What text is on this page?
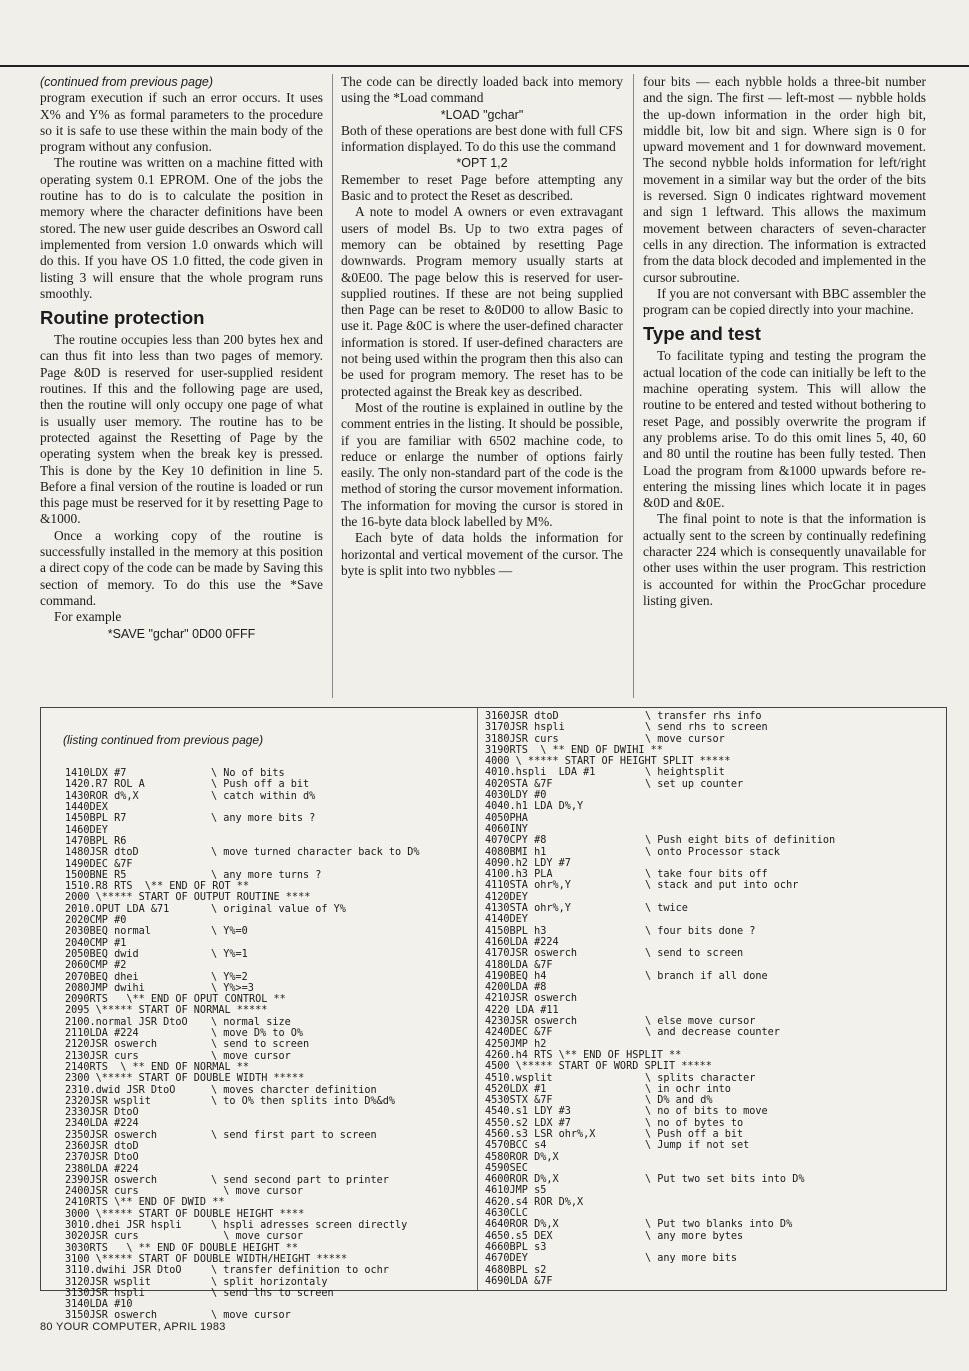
(continued from previous page)

program execution if such an error occurs. It uses X% and Y% as formal parameters to the procedure so it is safe to use these within the main body of the program without any confusion.

The routine was written on a machine fitted with operating system 0.1 EPROM. One of the jobs the routine has to do is to calculate the position in memory where the character definitions have been stored. The new user guide describes an Osword call implemented from version 1.0 onwards which will do this. If you have OS 1.0 fitted, the code given in listing 3 will ensure that the whole program runs smoothly.

Routine protection

The routine occupies less than 200 bytes hex and can thus fit into less than two pages of memory. Page &0D is reserved for user-supplied resident routines. If this and the following page are used, then the routine will only occupy one page of what is usually user memory. The routine has to be protected against the Resetting of Page by the operating system when the break key is pressed. This is done by the Key 10 definition in line 5. Before a final version of the routine is loaded or run this page must be reserved for it by resetting Page to &1000.

Once a working copy of the routine is successfully installed in the memory at this position a direct copy of the code can be made by Saving this section of memory. To do this use the *Save command.

For example

*SAVE "gchar" 0D00 0FFF

The code can be directly loaded back into memory using the *Load command

*LOAD "gchar"

Both of these operations are best done with full CFS information displayed. To do this use the command

*OPT 1,2

Remember to reset Page before attempting any Basic and to protect the Reset as described.

A note to model A owners or even extravagant users of model Bs. Up to two extra pages of memory can be obtained by resetting Page downwards. Program memory usually starts at &0E00. The page below this is reserved for user-supplied routines. If these are not being supplied then Page can be reset to &0D00 to allow Basic to use it. Page &0C is where the user-defined character information is stored. If user-defined characters are not being used within the program then this also can be used for program memory. The reset has to be protected against the Break key as described.

Most of the routine is explained in outline by the comment entries in the listing. It should be possible, if you are familiar with 6502 machine code, to reduce or enlarge the number of options fairly easily. The only non-standard part of the code is the method of storing the cursor movement information. The information for moving the cursor is stored in the 16-byte data block labelled by M%.

Each byte of data holds the information for horizontal and vertical movement of the cursor. The byte is split into two nybbles —

four bits — each nybble holds a three-bit number and the sign. The first — left-most — nybble holds the up-down information in the order high bit, middle bit, low bit and sign. Where sign is 0 for upward movement and 1 for downward movement. The second nybble holds information for left/right movement in a similar way but the order of the bits is reversed. Sign 0 indicates rightward movement and sign 1 leftward. This allows the maximum movement between characters of seven-character cells in any direction. The information is extracted from the data block decoded and implemented in the cursor subroutine.

If you are not conversant with BBC assembler the program can be copied directly into your machine.

Type and test

To facilitate typing and testing the program the actual location of the code can initially be left to the machine operating system. This will allow the routine to be entered and tested without bothering to reset Page, and possibly overwrite the program if any problems arise. To do this omit lines 5, 40, 60 and 80 until the routine has been fully tested. Then Load the program from &1000 upwards before re-entering the missing lines which locate it in pages &0D and &0E.

The final point to note is that the information is actually sent to the screen by continually redefining character 224 which is consequently unavailable for other uses within the user program. This restriction is accounted for within the ProcGchar procedure listing given.

(listing continued from previous page)

1410LDX #7	\ No of bits
1420.R7 ROL A	\ Push off a bit
1430ROR d%,X	\ catch within d%
1440DEX
1450BPL R7	\ any more bits ?
1460DEY
1470BPL R6
1480JSR dtoD	\ move turned character back to D%
1490DEC &7F
1500BNE R5	\ any more turns ?
1510.R8 RTS  \** END OF ROT **
2000 \***** START OF OUTPUT ROUTINE ****
2010.OPUT LDA &71	\ original value of Y%
2020CMP #0
2030BEQ normal	\ Y%=0
2040CMP #1
2050BEQ dwid	\ Y%=1
2060CMP #2
2070BEQ dhei	\ Y%=2
2080JMP dwihi	\ Y%>=3
2090RTS   \** END OF OPUT CONTROL **
2095 \***** START OF NORMAL *****
2100.normal JSR DtoO \ normal size
2110LDA #224	\ move D% to O%
2120JSR oswerch	\ send to screen
2130JSR curs	\ move cursor
2140RTS  \ ** END OF NORMAL **
2300 \***** START OF DOUBLE WIDTH *****
2310.dwid JSR DtoO	\ moves charcter definition
2320JSR wsplit	\ to O% then splits into D%&d%
2330JSR DtoO
2340LDA #224
2350JSR oswerch	\ send first part to screen
2360JSR dtoD
2370JSR DtoO
2380LDA #224
2390JSR oswerch	\ send second part to printer
2400JSR curs	\ move cursor
2410RTS \** END OF DWID **
3000 \***** START OF DOUBLE HEIGHT ****
3010.dhei JSR hspli	\ hspli adresses screen directly
3020JSR curs	\ move cursor
3030RTS   \ ** END OF DOUBLE HEIGHT **
3100 \***** START OF DOUBLE WIDTH/HEIGHT *****
3110.dwihi JSR DtoO	\ transfer definition to ochr
3120JSR wsplit	\ split horizontaly
3130JSR hspli	\ send lhs to screen
3140LDA #10
3150JSR oswerch	\ move cursor
3160JSR dtoD	\ transfer rhs info
3170JSR hspli	\ send rhs to screen
3180JSR curs	\ move cursor
3190RTS  \ ** END OF DWIHI **
4000 \ ***** START OF HEIGHT SPLIT *****
4010.hspli  LDA #1	\ heightsplit
4020STA &7F	\ set up counter
4030LDY #0
4040.h1 LDA D%,Y
4050PHA
4060INY
4070CPY #8	\ Push eight bits of definition
4080BMI h1	\ onto Processor stack
4090.h2 LDY #7
4100.h3 PLA	\ take four bits off
4110STA ohr%,Y	\ stack and put into ochr
4120DEY
4130STA ohr%,Y	\ twice
4140DEY
4150BPL h3	\ four bits done ?
4160LDA #224
4170JSR oswerch	\ send to screen
4180LDA &7F
4190BEQ h4	\ branch if all done
4200LDA #8
4210JSR oswerch
4220 LDA #11
4230JSR oswerch	\ else move cursor
4240DEC &7F	\ and decrease counter
4250JMP h2
4260.h4 RTS \** END OF HSPLIT **
4500 \***** START OF WORD SPLIT *****
4510.wsplit	\ splits character
4520LDX #1	\ in ochr into
4530STX &7F	\ D% and d%
4540.s1 LDY #3	\ no of bits to move
4550.s2 LDX #7	\ no of bytes to
4560.s3 LSR ohr%,X	\ Push off a bit
4570BCC s4	\ Jump if not set
4580ROR D%,X
4590SEC
4600ROR D%,X	\ Put two set bits into D%
4610JMP s5
4620.s4 ROR D%,X
4630CLC
4640ROR D%,X	\ Put two blanks into D%
4650.s5 DEX	\ any more bytes
4660BPL s3
4670DEY	\ any more bits
4680BPL s2
4690LDA &7F
80 YOUR COMPUTER, APRIL 1983
